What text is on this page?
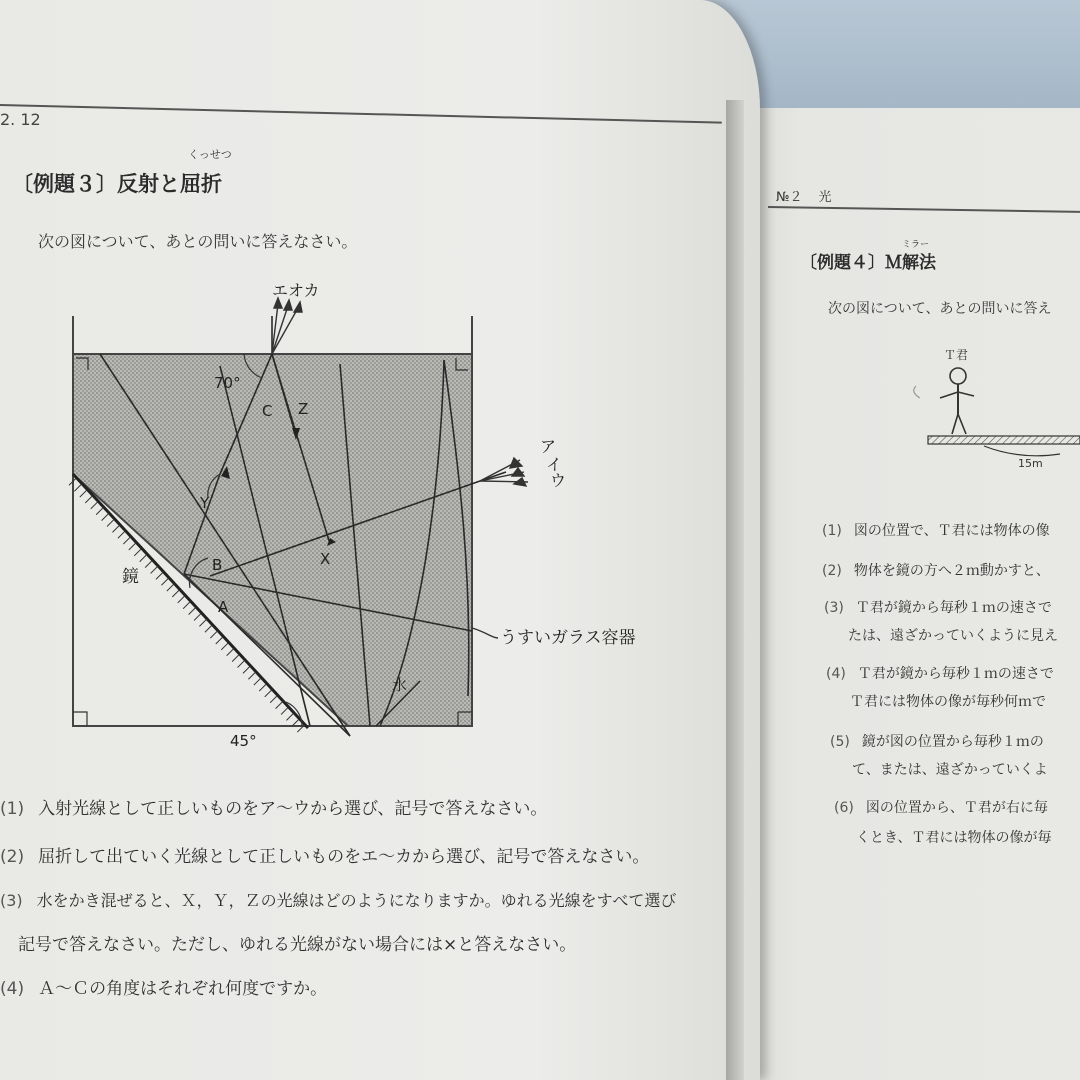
2. 12
くっせつ
〔例題３〕反射と屈折
次の図について、あとの問いに答えなさい。
エオカ
ア
イ
ウ
70°
C Z
Y
B
A
X
鏡
水
45°
うすいガラス容器
(1) 入射光線として正しいものをア～ウから選び、記号で答えなさい。
(2) 屈折して出ていく光線として正しいものをエ～カから選び、記号で答えなさい。
(3) 水をかき混ぜると、Ｘ，Ｙ，Ｚの光線はどのようになりますか。ゆれる光線をすべて選び
記号で答えなさい。ただし、ゆれる光線がない場合には×と答えなさい。
(4) Ａ～Ｃの角度はそれぞれ何度ですか。
№２ 光
ミラー
〔例題４〕Ｍ解法
次の図について、あとの問いに答え
Ｔ君
15m
(1) 図の位置で、Ｔ君には物体の像
(2) 物体を鏡の方へ２ｍ動かすと、
(3) Ｔ君が鏡から毎秒１ｍの速さで
たは、遠ざかっていくように見え
(4) Ｔ君が鏡から毎秒１ｍの速さで
Ｔ君には物体の像が毎秒何ｍで
(5) 鏡が図の位置から毎秒１ｍの
て、または、遠ざかっていくよ
(6) 図の位置から、Ｔ君が右に毎
くとき、Ｔ君には物体の像が毎
